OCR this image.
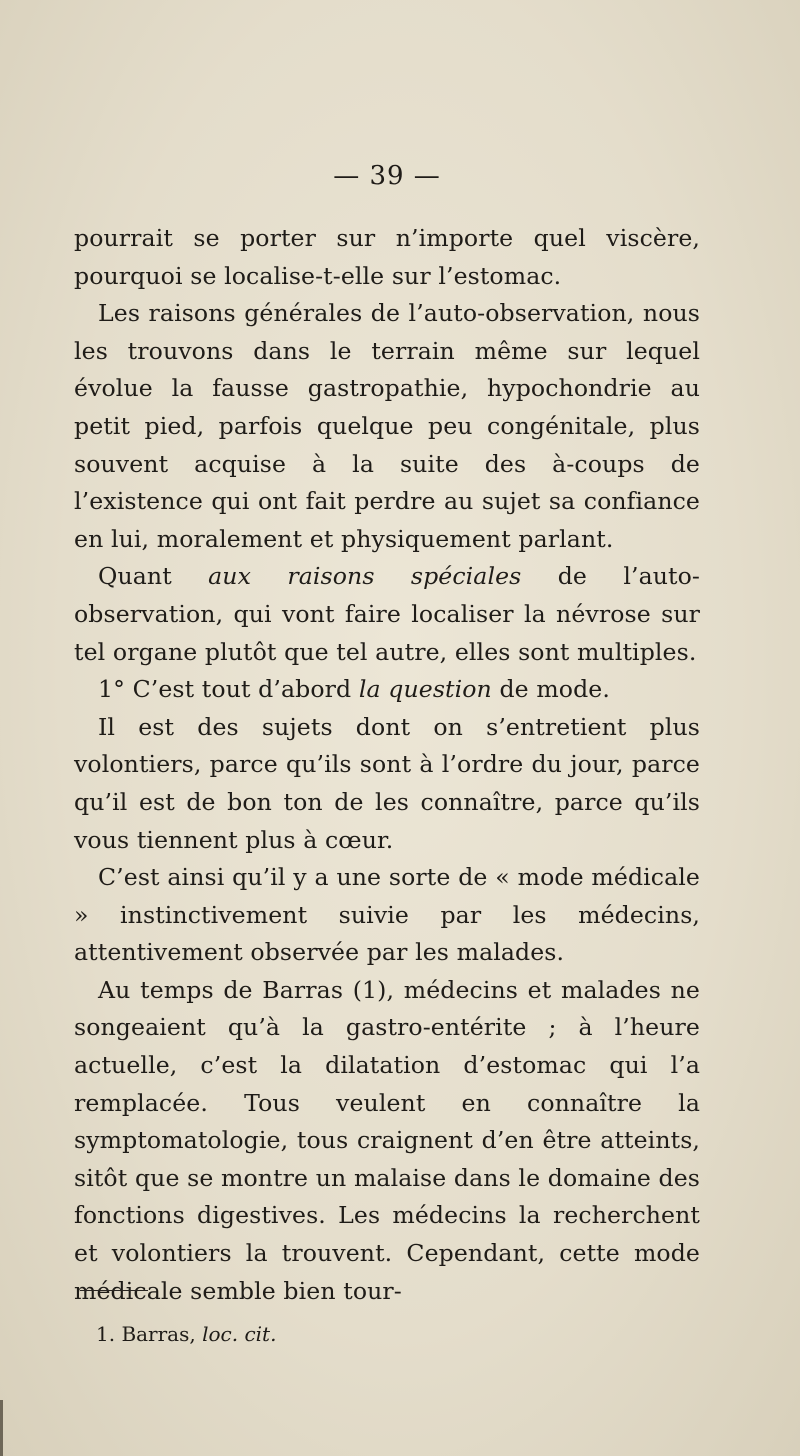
— 39 —

pourrait se porter sur n’importe quel viscère, pourquoi se localise-t-elle sur l’estomac.

Les raisons générales de l’auto-observation, nous les trouvons dans le terrain même sur lequel évolue la fausse gastropathie, hypochondrie au petit pied, parfois quelque peu congénitale, plus souvent acquise à la suite des à-coups de l’existence qui ont fait perdre au sujet sa confiance en lui, moralement et physiquement parlant.

Quant aux raisons spéciales de l’auto-observation, qui vont faire localiser la névrose sur tel organe plutôt que tel autre, elles sont multiples.

1° C’est tout d’abord la question de mode.

Il est des sujets dont on s’entretient plus volontiers, parce qu’ils sont à l’ordre du jour, parce qu’il est de bon ton de les connaître, parce qu’ils vous tiennent plus à cœur.

C’est ainsi qu’il y a une sorte de « mode médicale » instinctivement suivie par les médecins, attentivement observée par les malades.

Au temps de Barras (1), médecins et malades ne songeaient qu’à la gastro-entérite ; à l’heure actuelle, c’est la dilatation d’estomac qui l’a remplacée. Tous veulent en connaître la symptomatologie, tous craignent d’en être atteints, sitôt que se montre un malaise dans le domaine des fonctions digestives. Les médecins la recherchent et volontiers la trouvent. Cependant, cette mode médicale semble bien tour-

1. Barras, loc. cit.
